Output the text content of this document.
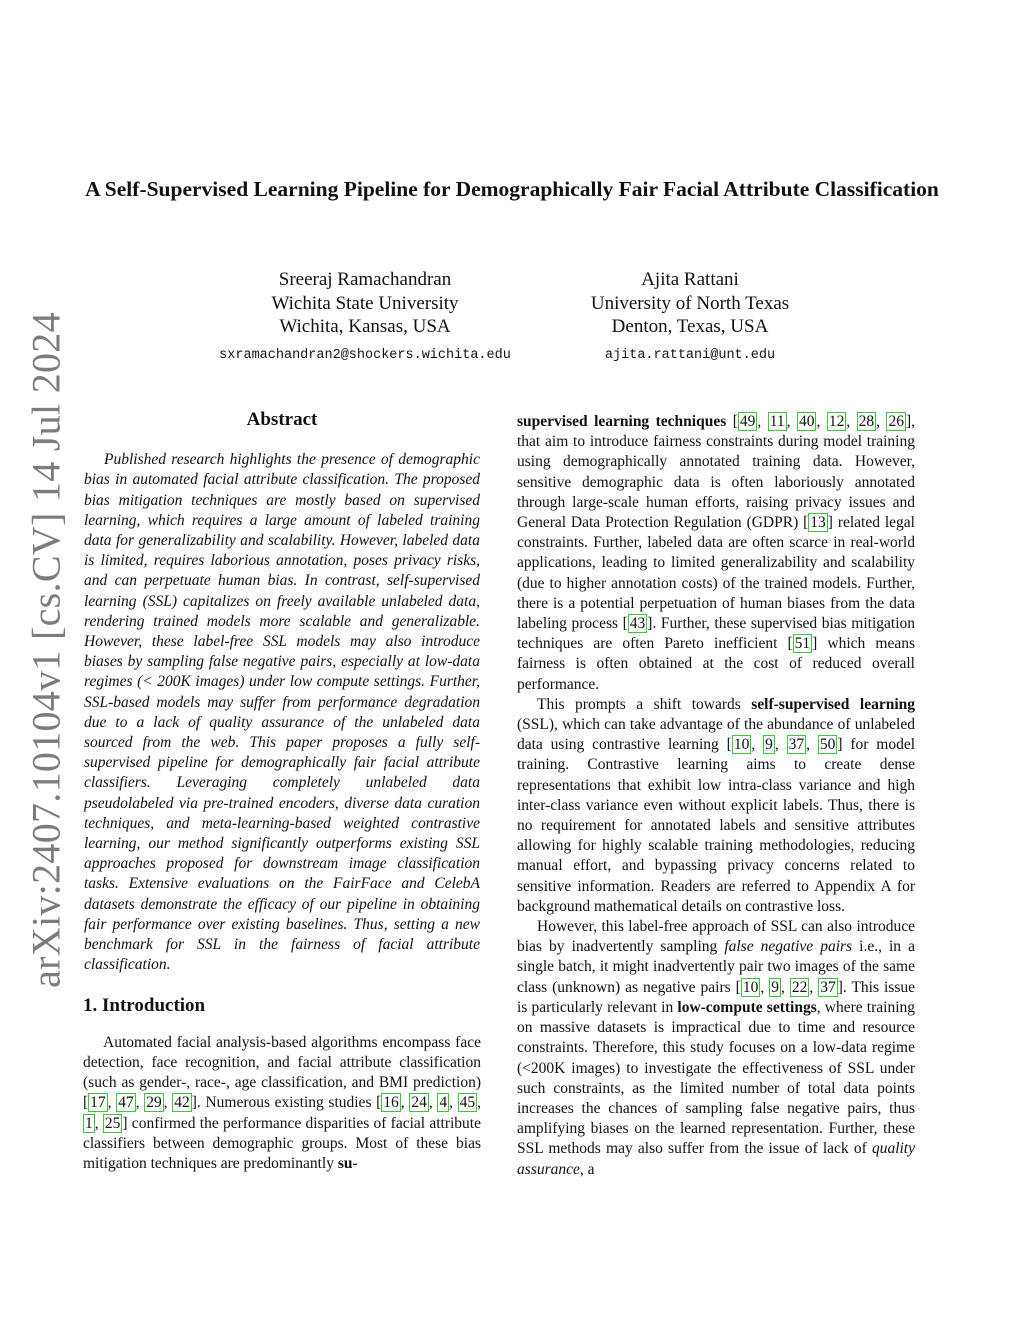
arXiv:2407.10104v1 [cs.CV] 14 Jul 2024
A Self-Supervised Learning Pipeline for Demographically Fair Facial Attribute Classification
Sreeraj Ramachandran
Wichita State University
Wichita, Kansas, USA
sxramachandran2@shockers.wichita.edu
Ajita Rattani
University of North Texas
Denton, Texas, USA
ajita.rattani@unt.edu
Abstract

Published research highlights the presence of demographic bias in automated facial attribute classification. The proposed bias mitigation techniques are mostly based on supervised learning, which requires a large amount of labeled training data for generalizability and scalability. However, labeled data is limited, requires laborious annotation, poses privacy risks, and can perpetuate human bias. In contrast, self-supervised learning (SSL) capitalizes on freely available unlabeled data, rendering trained models more scalable and generalizable. However, these label-free SSL models may also introduce biases by sampling false negative pairs, especially at low-data regimes (< 200K images) under low compute settings. Further, SSL-based models may suffer from performance degradation due to a lack of quality assurance of the unlabeled data sourced from the web. This paper proposes a fully self-supervised pipeline for demographically fair facial attribute classifiers. Leveraging completely unlabeled data pseudolabeled via pre-trained encoders, diverse data curation techniques, and meta-learning-based weighted contrastive learning, our method significantly outperforms existing SSL approaches proposed for downstream image classification tasks. Extensive evaluations on the FairFace and CelebA datasets demonstrate the efficacy of our pipeline in obtaining fair performance over existing baselines. Thus, setting a new benchmark for SSL in the fairness of facial attribute classification.

1. Introduction

Automated facial analysis-based algorithms encompass face detection, face recognition, and facial attribute classification (such as gender-, race-, age classification, and BMI prediction) [ 17 , 47 , 29 , 42 ]. Numerous existing studies [ 16 , 24 , 4 , 45 , 1 , 25 ] confirmed the performance disparities of facial attribute classifiers between demographic groups. Most of these bias mitigation techniques are predominantly su-

supervised learning techniques [ 49 , 11 , 40 , 12 , 28 , 26 ], that aim to introduce fairness constraints during model training using demographically annotated training data. However, sensitive demographic data is often laboriously annotated through large-scale human efforts, raising privacy issues and General Data Protection Regulation (GDPR) [ 13 ] related legal constraints. Further, labeled data are often scarce in real-world applications, leading to limited generalizability and scalability (due to higher annotation costs) of the trained models. Further, there is a potential perpetuation of human biases from the data labeling process [ 43 ]. Further, these supervised bias mitigation techniques are often Pareto inefficient [ 51 ] which means fairness is often obtained at the cost of reduced overall performance.

This prompts a shift towards self-supervised learning (SSL), which can take advantage of the abundance of unlabeled data using contrastive learning [ 10 , 9 , 37 , 50 ] for model training. Contrastive learning aims to create dense representations that exhibit low intra-class variance and high inter-class variance even without explicit labels. Thus, there is no requirement for annotated labels and sensitive attributes allowing for highly scalable training methodologies, reducing manual effort, and bypassing privacy concerns related to sensitive information. Readers are referred to Appendix A for background mathematical details on contrastive loss.

However, this label-free approach of SSL can also introduce bias by inadvertently sampling false negative pairs i.e., in a single batch, it might inadvertently pair two images of the same class (unknown) as negative pairs [ 10 , 9 , 22 , 37 ]. This issue is particularly relevant in low-compute settings, where training on massive datasets is impractical due to time and resource constraints. Therefore, this study focuses on a low-data regime (<200K images) to investigate the effectiveness of SSL under such constraints, as the limited number of total data points increases the chances of sampling false negative pairs, thus amplifying biases on the learned representation. Further, these SSL methods may also suffer from the issue of lack of quality assurance, a
